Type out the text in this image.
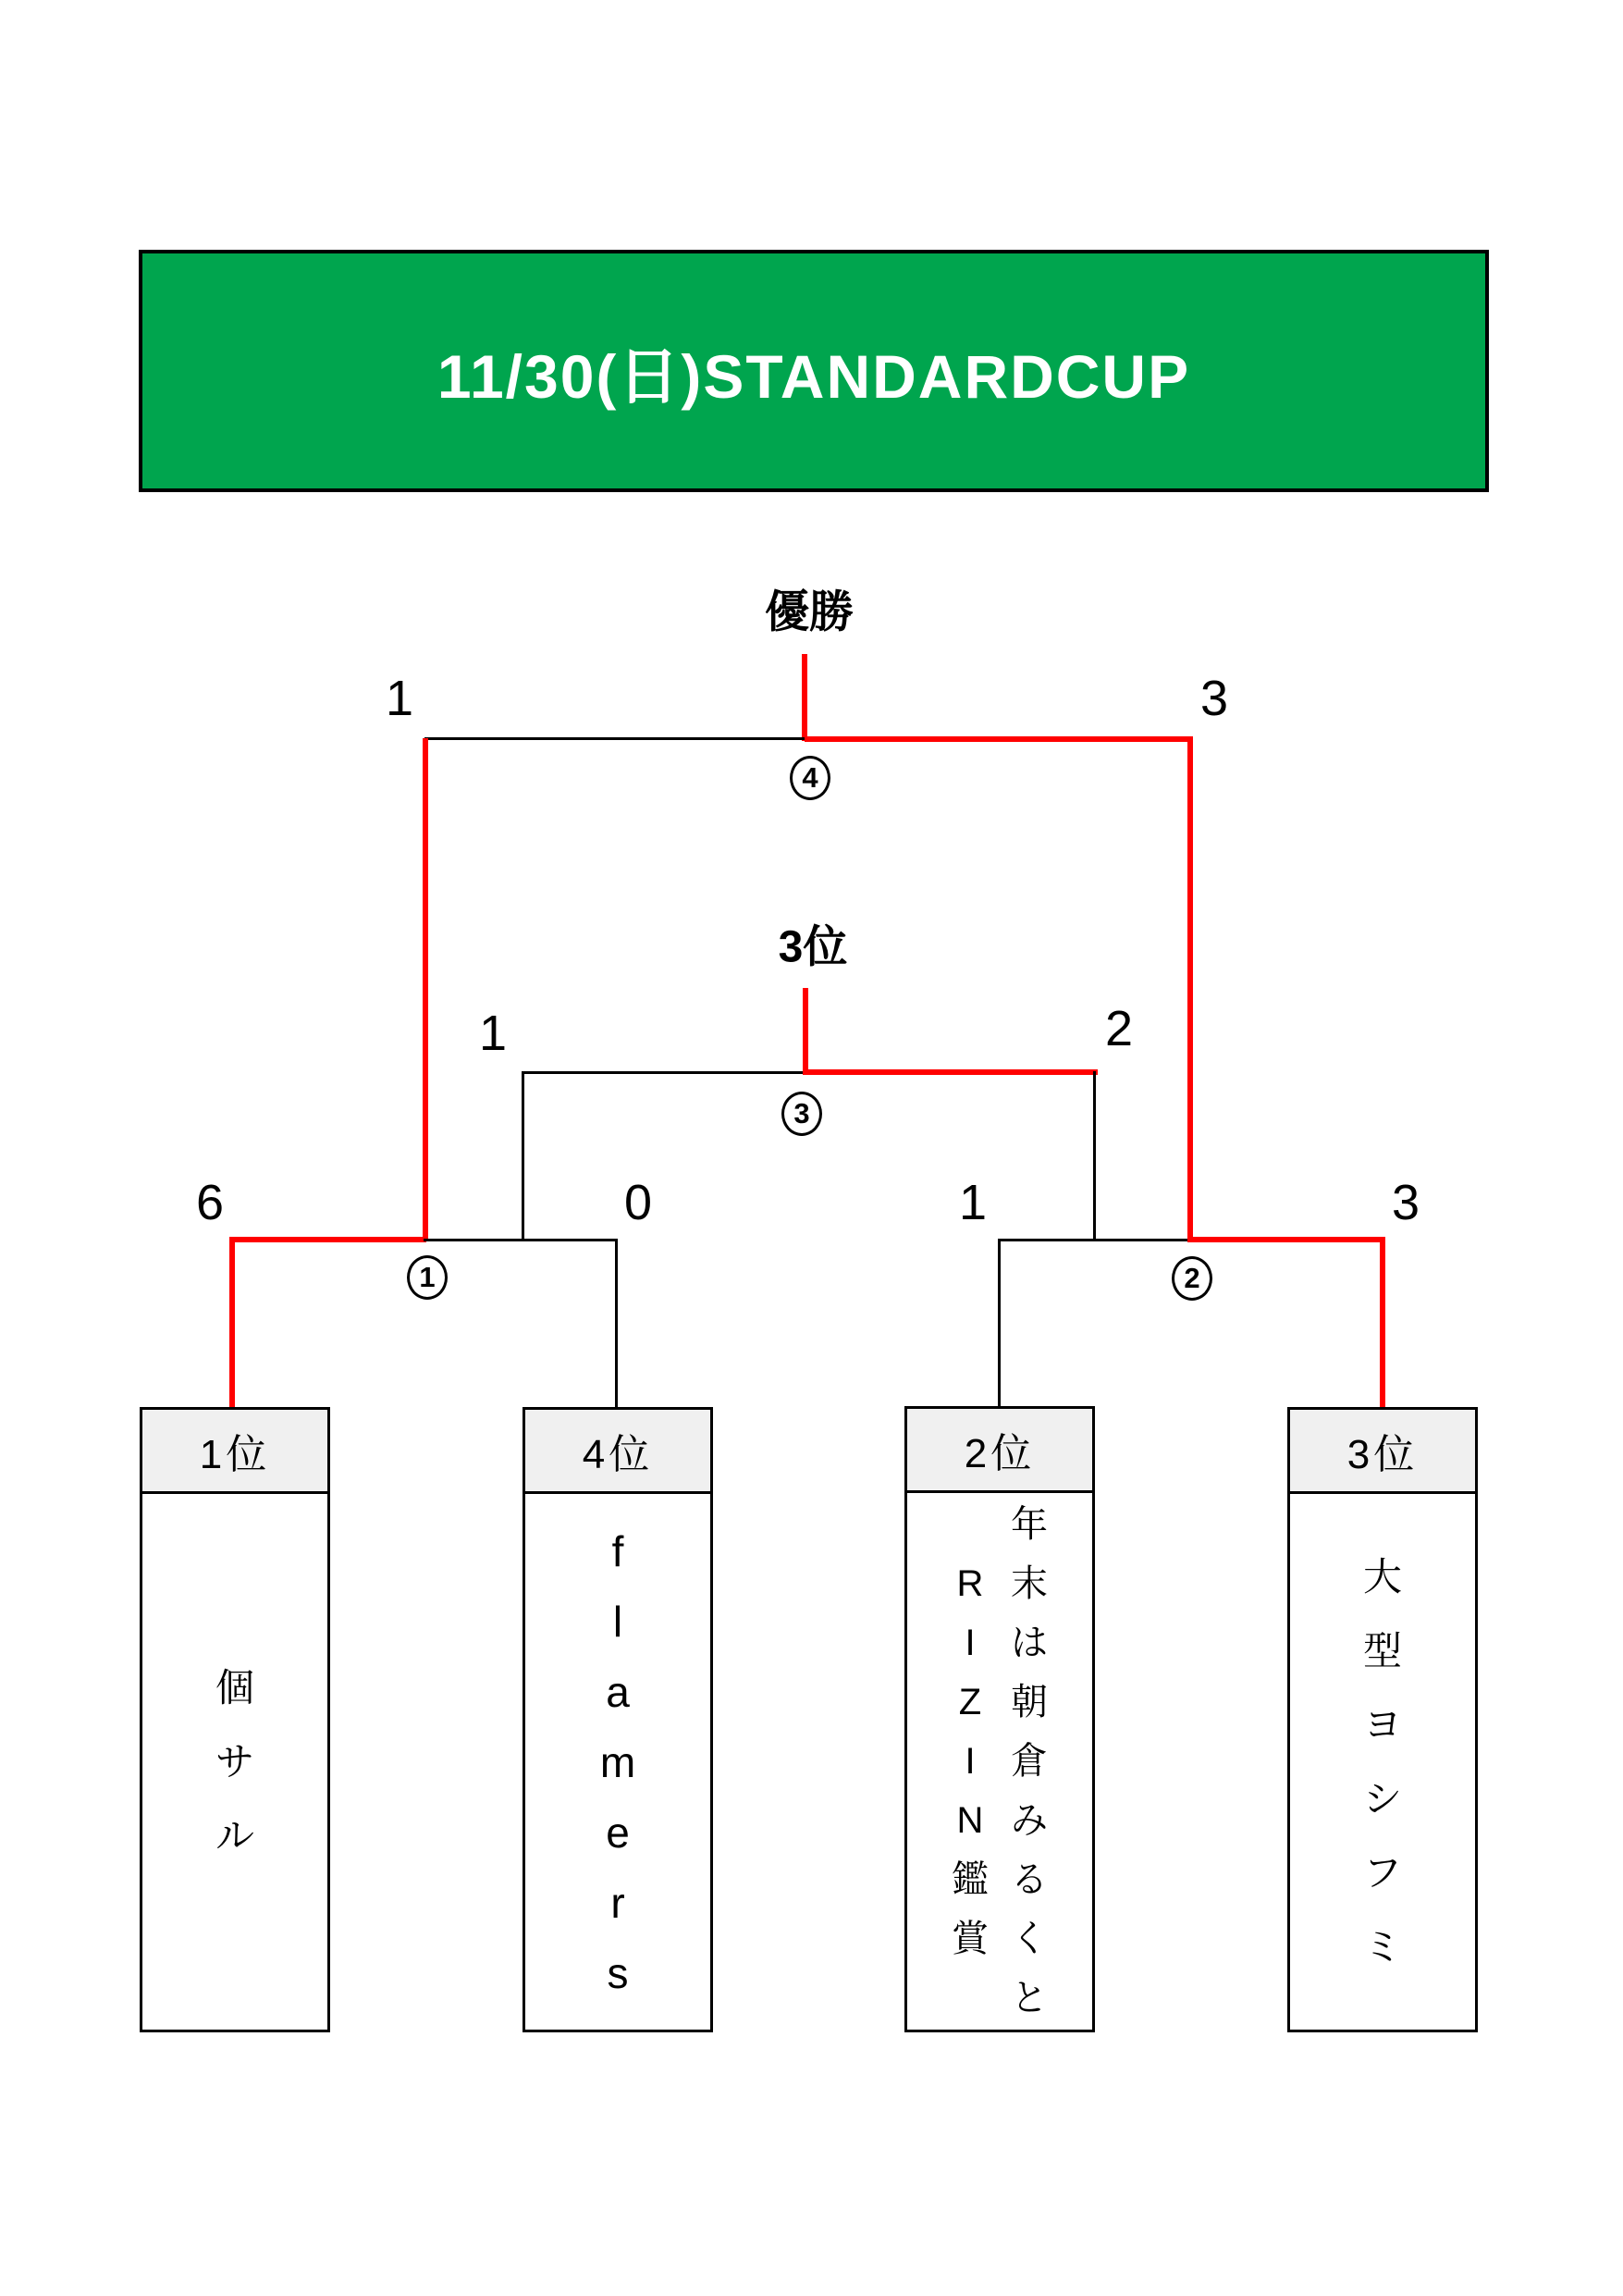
11/30(日)STANDARDCUP
優勝
3位
1	3
1	2
6	0	1	3
4
3
1	2
1位
個
サ
ル
4位
f
l
a
m
e
r
s
2位
年
末
は
朝
倉
み
る
く
と
R
I
Z
I
N
鑑
賞
3位
大
型
ヨ
シ
フ
ミ
